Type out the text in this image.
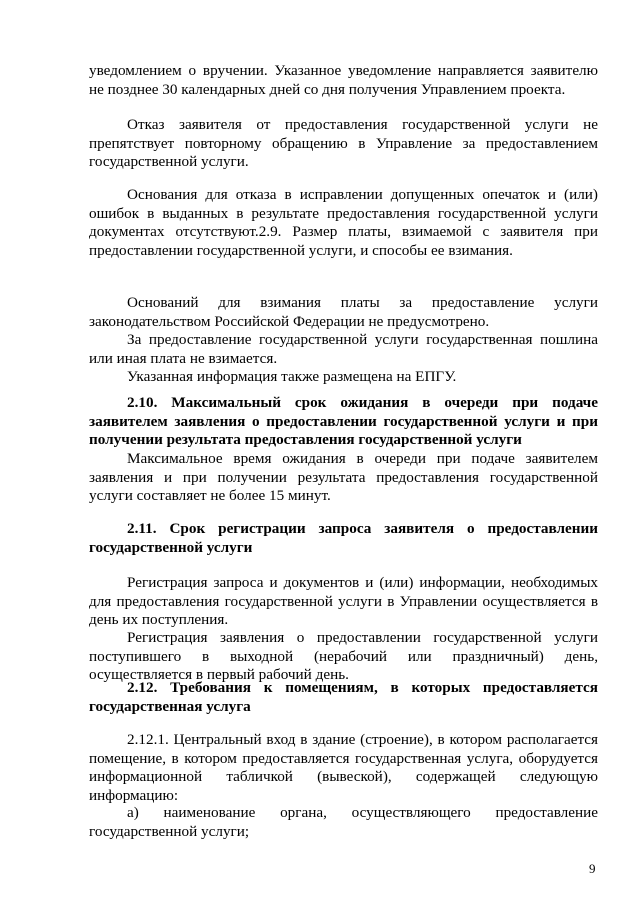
уведомлением о вручении. Указанное уведомление направляется заявителю не позднее 30 календарных дней со дня получения Управлением проекта.

Отказ заявителя от предоставления государственной услуги не препятствует повторному обращению в Управление за предоставлением государственной услуги.

Основания для отказа в исправлении допущенных опечаток и (или) ошибок в выданных в результате предоставления государственной услуги документах отсутствуют.2.9. Размер платы, взимаемой с заявителя при предоставлении государственной услуги, и способы ее взимания.

Оснований для взимания платы за предоставление услуги законодательством Российской Федерации не предусмотрено.

За предоставление государственной услуги государственная пошлина или иная плата не взимается.

Указанная информация также размещена на ЕПГУ.

2.10. Максимальный срок ожидания в очереди при подаче заявителем заявления о предоставлении государственной услуги и при получении результата предоставления государственной услуги

Максимальное время ожидания в очереди при подаче заявителем заявления и при получении результата предоставления государственной услуги составляет не более 15 минут.

2.11. Срок регистрации запроса заявителя о предоставлении государственной услуги

Регистрация запроса и документов и (или) информации, необходимых для предоставления государственной услуги в Управлении осуществляется в день их поступления.

Регистрация заявления о предоставлении государственной услуги поступившего в выходной (нерабочий или праздничный) день, осуществляется в первый рабочий день.

2.12. Требования к помещениям, в которых предоставляется государственная услуга

2.12.1. Центральный вход в здание (строение), в котором располагается помещение, в котором предоставляется государственная услуга, оборудуется информационной табличкой (вывеской), содержащей следующую информацию:

а) наименование органа, осуществляющего предоставление государственной услуги;

9
